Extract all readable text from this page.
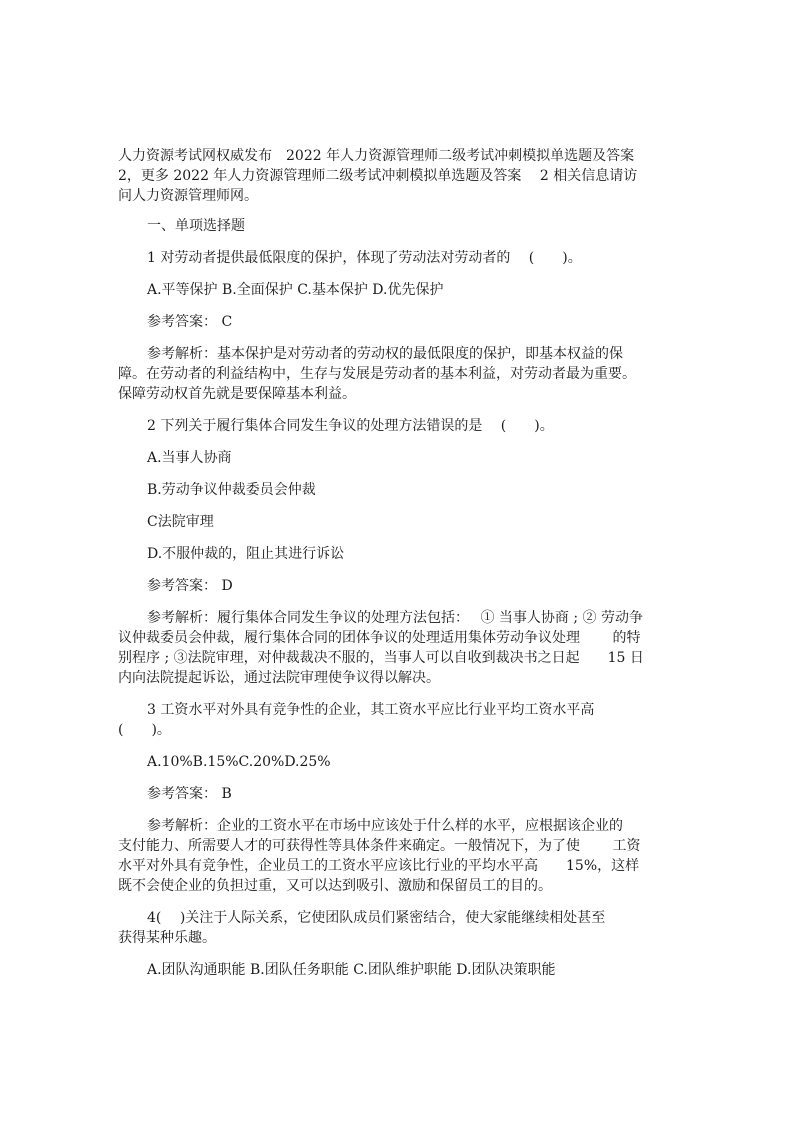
人力资源考试网权威发布　2022 年人力资源管理师二级考试冲刺模拟单选题及答案
2，更多 2022 年人力资源管理师二级考试冲刺模拟单选题及答案　 2 相关信息请访
问人力资源管理师网。

一、单项选择题

1 对劳动者提供最低限度的保护，体现了劳动法对劳动者的　 (　　)。

A.平等保护 B.全面保护 C.基本保护 D.优先保护

参考答案： C

参考解析：基本保护是对劳动者的劳动权的最低限度的保护，即基本权益的保
障。在劳动者的利益结构中，生存与发展是劳动者的基本利益，对劳动者最为重要。
保障劳动权首先就是要保障基本利益。

2 下列关于履行集体合同发生争议的处理方法错误的是　 (　　)。

A.当事人协商

B.劳动争议仲裁委员会仲裁

C法院审理

D.不服仲裁的，阻止其进行诉讼

参考答案： D

参考解析：履行集体合同发生争议的处理方法包括：　 ① 当事人协商 ; ② 劳动争
议仲裁委员会仲裁，履行集体合同的团体争议的处理适用集体劳动争议处理　　 的特
别程序 ; ③法院审理，对仲裁裁决不服的，当事人可以自收到裁决书之日起　　15 日
内向法院提起诉讼，通过法院审理使争议得以解决。

3 工资水平对外具有竞争性的企业，其工资水平应比行业平均工资水平高
(　　)。

A.10%B.15%C.20%D.25%

参考答案： B

参考解析：企业的工资水平在市场中应该处于什么样的水平，应根据该企业的
支付能力、所需要人才的可获得性等具体条件来确定。一般情况下，为了使　　 工资
水平对外具有竞争性，企业员工的工资水平应该比行业的平均水平高　　15%，这样
既不会使企业的负担过重，又可以达到吸引、激励和保留员工的目的。

4(　 )关注于人际关系，它使团队成员们紧密结合，使大家能继续相处甚至
获得某种乐趣。

A.团队沟通职能 B.团队任务职能 C.团队维护职能 D.团队决策职能
